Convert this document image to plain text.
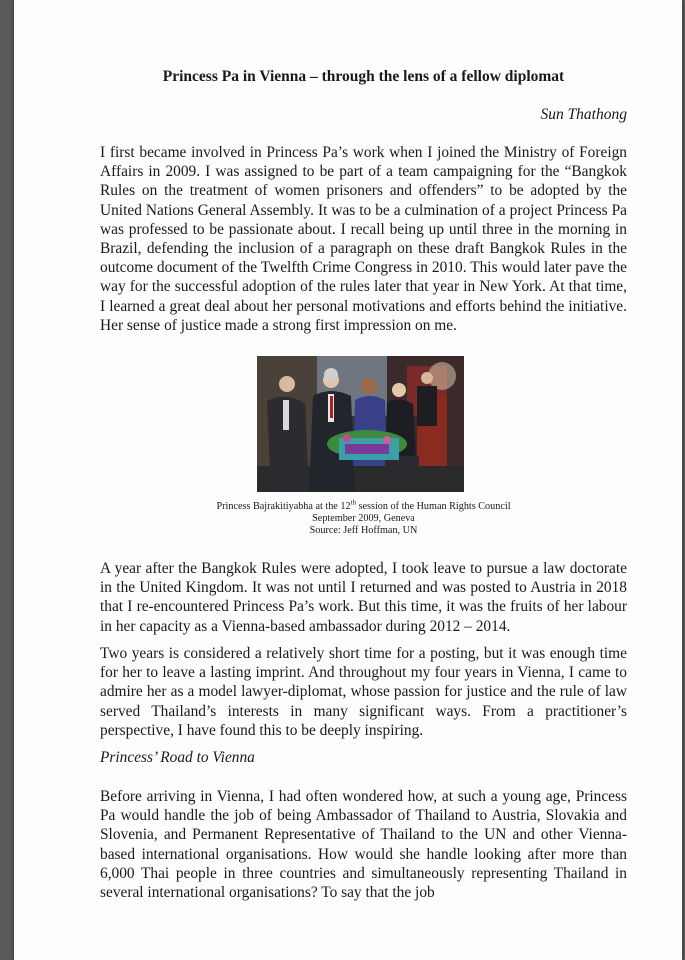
Princess Pa in Vienna – through the lens of a fellow diplomat

Sun Thathong

I first became involved in Princess Pa’s work when I joined the Ministry of Foreign Affairs in 2009. I was assigned to be part of a team campaigning for the “Bangkok Rules on the treatment of women prisoners and offenders” to be adopted by the United Nations General Assembly. It was to be a culmination of a project Princess Pa was professed to be passionate about. I recall being up until three in the morning in Brazil, defending the inclusion of a paragraph on these draft Bangkok Rules in the outcome document of the Twelfth Crime Congress in 2010. This would later pave the way for the successful adoption of the rules later that year in New York. At that time, I learned a great deal about her personal motivations and efforts behind the initiative. Her sense of justice made a strong first impression on me.

Princess Bajrakitiyabha at the 12th session of the Human Rights Council
September 2009, Geneva
Source: Jeff Hoffman, UN

A year after the Bangkok Rules were adopted, I took leave to pursue a law doctorate in the United Kingdom. It was not until I returned and was posted to Austria in 2018 that I re-encountered Princess Pa’s work. But this time, it was the fruits of her labour in her capacity as a Vienna-based ambassador during 2012 – 2014.

Two years is considered a relatively short time for a posting, but it was enough time for her to leave a lasting imprint. And throughout my four years in Vienna, I came to admire her as a model lawyer-diplomat, whose passion for justice and the rule of law served Thailand’s interests in many significant ways. From a practitioner’s perspective, I have found this to be deeply inspiring.

Princess’ Road to Vienna

Before arriving in Vienna, I had often wondered how, at such a young age, Princess Pa would handle the job of being Ambassador of Thailand to Austria, Slovakia and Slovenia, and Permanent Representative of Thailand to the UN and other Vienna-based international organisations. How would she handle looking after more than 6,000 Thai people in three countries and simultaneously representing Thailand in several international organisations? To say that the job
